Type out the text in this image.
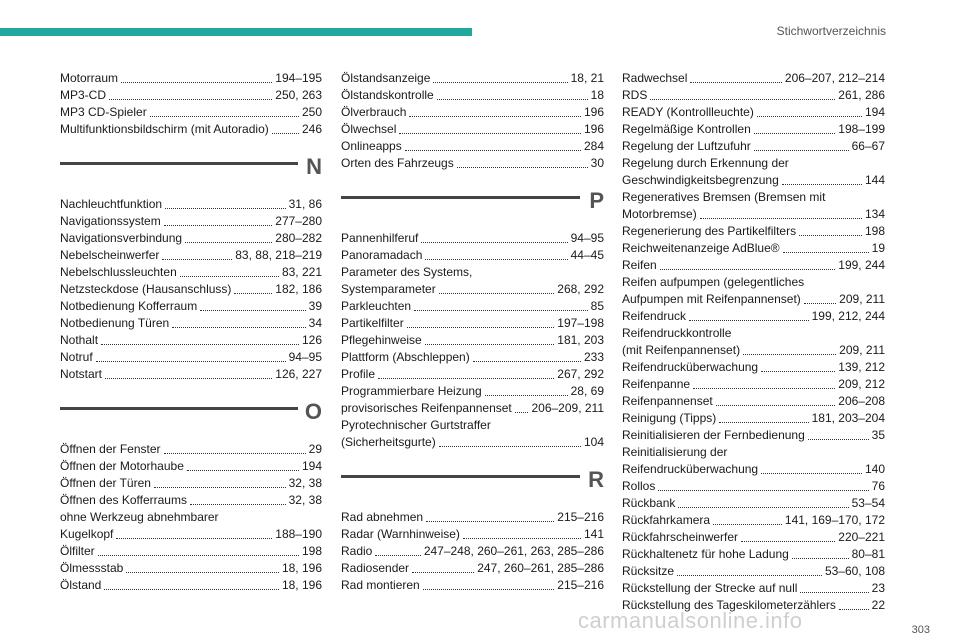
Stichwortverzeichnis
Motorraum	194–195
MP3-CD	250, 263
MP3 CD-Spieler	250
Multifunktionsbildschirm (mit Autoradio)	246
N
Nachleuchtfunktion	31, 86
Navigationssystem	277–280
Navigationsverbindung	280–282
Nebelscheinwerfer	83, 88, 218–219
Nebelschlussleuchten	83, 221
Netzsteckdose (Hausanschluss)	182, 186
Notbedienung Kofferraum	39
Notbedienung Türen	34
Nothalt	126
Notruf	94–95
Notstart	126, 227
O
Öffnen der Fenster	29
Öffnen der Motorhaube	194
Öffnen der Türen	32, 38
Öffnen des Kofferraums	32, 38
ohne Werkzeug abnehmbarer
Kugelkopf	188–190
Ölfilter	198
Ölmessstab	18, 196
Ölstand	18, 196
Ölstandsanzeige	18, 21
Ölstandskontrolle	18
Ölverbrauch	196
Ölwechsel	196
Onlineapps	284
Orten des Fahrzeugs	30
P
Pannenhilferuf	94–95
Panoramadach	44–45
Parameter des Systems,
Systemparameter	268, 292
Parkleuchten	85
Partikelfilter	197–198
Pflegehinweise	181, 203
Plattform (Abschleppen)	233
Profile	267, 292
Programmierbare Heizung	28, 69
provisorisches Reifenpannenset 206–209, 211
Pyrotechnischer Gurtstraffer
(Sicherheitsgurte)	104
R
Rad abnehmen	215–216
Radar (Warnhinweise)	141
Radio	247–248, 260–261, 263, 285–286
Radiosender	247, 260–261, 285–286
Rad montieren	215–216
Radwechsel	206–207, 212–214
RDS	261, 286
READY (Kontrollleuchte)	194
Regelmäßige Kontrollen	198–199
Regelung der Luftzufuhr	66–67
Regelung durch Erkennung der
Geschwindigkeitsbegrenzung	144
Regeneratives Bremsen (Bremsen mit
Motorbremse)	134
Regenerierung des Partikelfilters	198
Reichweitenanzeige AdBlue®	19
Reifen	199, 244
Reifen aufpumpen (gelegentliches
Aufpumpen mit Reifenpannenset)	209, 211
Reifendruck	199, 212, 244
Reifendruckkontrolle
(mit Reifenpannenset)	209, 211
Reifendrucküberwachung	139, 212
Reifenpanne	209, 212
Reifenpannenset	206–208
Reinigung (Tipps)	181, 203–204
Reinitialisieren der Fernbedienung	35
Reinitialisierung der
Reifendrucküberwachung	140
Rollos	76
Rückbank	53–54
Rückfahrkamera	141, 169–170, 172
Rückfahrscheinwerfer	220–221
Rückhaltenetz für hohe Ladung	80–81
Rücksitze	53–60, 108
Rückstellung der Strecke auf null	23
Rückstellung des Tageskilometerzählers	22
carmanualsonline.info	303
